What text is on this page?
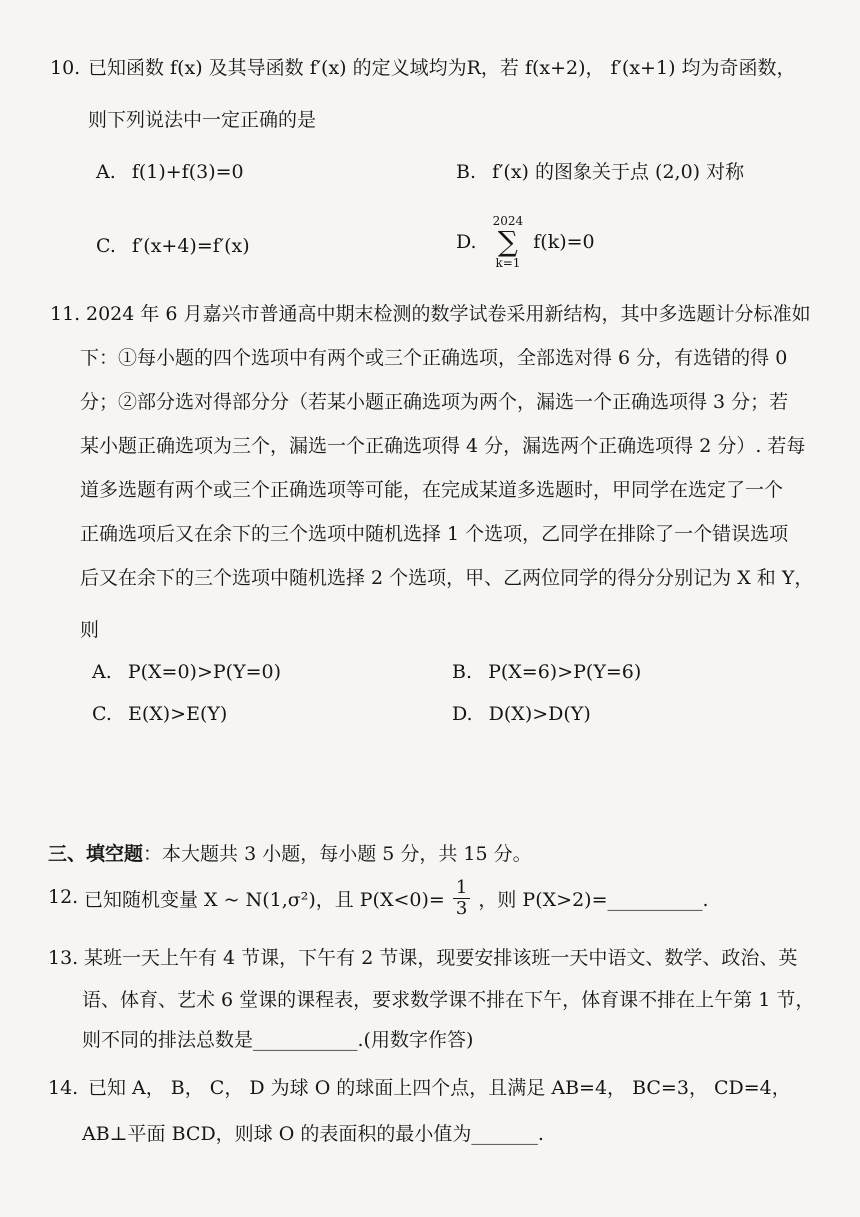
10. 已知函数 f(x) 及其导函数 f′(x) 的定义域均为R，若 f(x+2)， f′(x+1) 均为奇函数，
则下列说法中一定正确的是
A. f(1)+f(3)=0	B. f′(x) 的图象关于点 (2,0) 对称
C. f′(x+4)=f′(x)	D.
2024
∑
k=1
f(k)=0
11. 2024 年 6 月嘉兴市普通高中期末检测的数学试卷采用新结构，其中多选题计分标准如
下：①每小题的四个选项中有两个或三个正确选项，全部选对得 6 分，有选错的得 0
分；②部分选对得部分分（若某小题正确选项为两个，漏选一个正确选项得 3 分；若
某小题正确选项为三个，漏选一个正确选项得 4 分，漏选两个正确选项得 2 分）. 若每
道多选题有两个或三个正确选项等可能，在完成某道多选题时，甲同学在选定了一个
正确选项后又在余下的三个选项中随机选择 1 个选项，乙同学在排除了一个错误选项
后又在余下的三个选项中随机选择 2 个选项，甲、乙两位同学的得分分别记为 X 和 Y，
则
A. P(X=0)>P(Y=0)	B. P(X=6)>P(Y=6)
C. E(X)>E(Y)	D. D(X)>D(Y)
三、填空题：本大题共 3 小题，每小题 5 分，共 15 分。
12. 已知随机变量 X ~ N(1,σ²)，且 $P(X<0)= \frac{1}{3}$ ，则 P(X>2)=__________.
13. 某班一天上午有 4 节课，下午有 2 节课，现要安排该班一天中语文、数学、政治、英
语、体育、艺术 6 堂课的课程表，要求数学课不排在下午，体育课不排在上午第 1 节，
则不同的排法总数是___________.(用数字作答)
14. 已知 A， B， C， D 为球 O 的球面上四个点，且满足 AB=4， BC=3， CD=4，
AB⊥平面 BCD，则球 O 的表面积的最小值为_______.
